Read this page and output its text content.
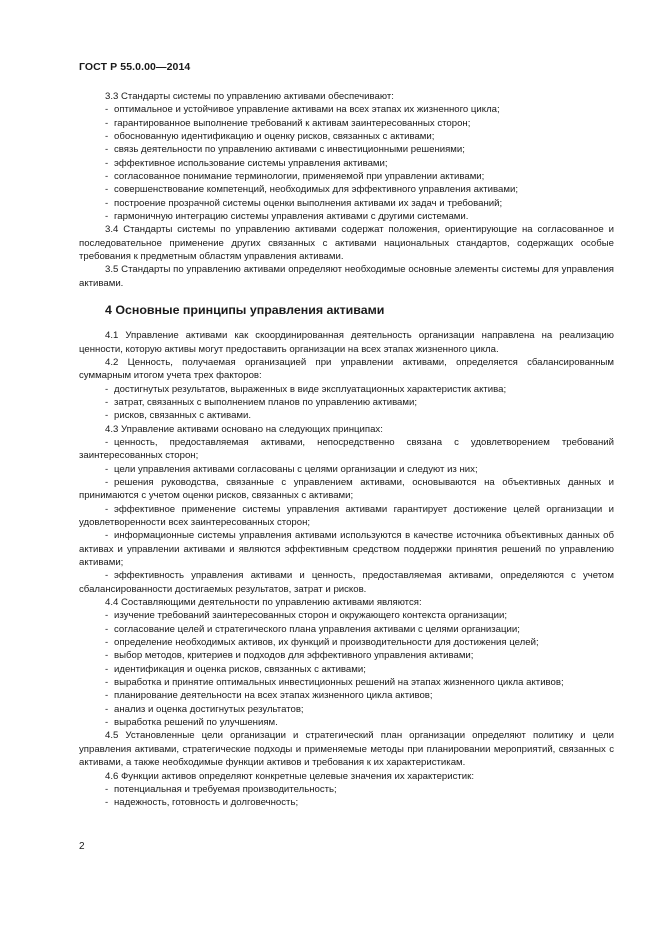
ГОСТ Р 55.0.00—2014

3.3 Стандарты системы по управлению активами обеспечивают:

- оптимальное и устойчивое управление активами на всех этапах их жизненного цикла;

- гарантированное выполнение требований к активам заинтересованных сторон;

- обоснованную идентификацию и оценку рисков, связанных с активами;

- связь деятельности по управлению активами с инвестиционными решениями;

- эффективное использование системы управления активами;

- согласованное понимание терминологии, применяемой при управлении активами;

- совершенствование компетенций, необходимых для эффективного управления активами;

- построение прозрачной системы оценки выполнения активами их задач и требований;

- гармоничную интеграцию системы управления активами с другими системами.

3.4 Стандарты системы по управлению активами содержат положения, ориентирующие на согласованное и последовательное применение других связанных с активами национальных стандартов, содержащих особые требования к предметным областям управления активами.

3.5 Стандарты по управлению активами определяют необходимые основные элементы системы для управления активами.

4 Основные принципы управления активами

4.1 Управление активами как скоординированная деятельность организации направлена на реализацию ценности, которую активы могут предоставить организации на всех этапах жизненного цикла.

4.2 Ценность, получаемая организацией при управлении активами, определяется сбалансированным суммарным итогом учета трех факторов:

- достигнутых результатов, выраженных в виде эксплуатационных характеристик актива;

- затрат, связанных с выполнением планов по управлению активами;

- рисков, связанных с активами.

4.3 Управление активами основано на следующих принципах:

- ценность, предоставляемая активами, непосредственно связана с удовлетворением требований заинтересованных сторон;

- цели управления активами согласованы с целями организации и следуют из них;

- решения руководства, связанные с управлением активами, основываются на объективных данных и принимаются с учетом оценки рисков, связанных с активами;

- эффективное применение системы управления активами гарантирует достижение целей организации и удовлетворенности всех заинтересованных сторон;

- информационные системы управления активами используются в качестве источника объективных данных об активах и управлении активами и являются эффективным средством поддержки принятия решений по управлению активами;

- эффективность управления активами и ценность, предоставляемая активами, определяются с учетом сбалансированности достигаемых результатов, затрат и рисков.

4.4 Составляющими деятельности по управлению активами являются:

- изучение требований заинтересованных сторон и окружающего контекста организации;

- согласование целей и стратегического плана управления активами с целями организации;

- определение необходимых активов, их функций и производительности для достижения целей;

- выбор методов, критериев и подходов для эффективного управления активами;

- идентификация и оценка рисков, связанных с активами;

- выработка и принятие оптимальных инвестиционных решений на этапах жизненного цикла активов;

- планирование деятельности на всех этапах жизненного цикла активов;

- анализ и оценка достигнутых результатов;

- выработка решений по улучшениям.

4.5 Установленные цели организации и стратегический план организации определяют политику и цели управления активами, стратегические подходы и применяемые методы при планировании мероприятий, связанных с активами, а также необходимые функции активов и требования к их характеристикам.

4.6 Функции активов определяют конкретные целевые значения их характеристик:

- потенциальная и требуемая производительность;

- надежность, готовность и долговечность;

2
